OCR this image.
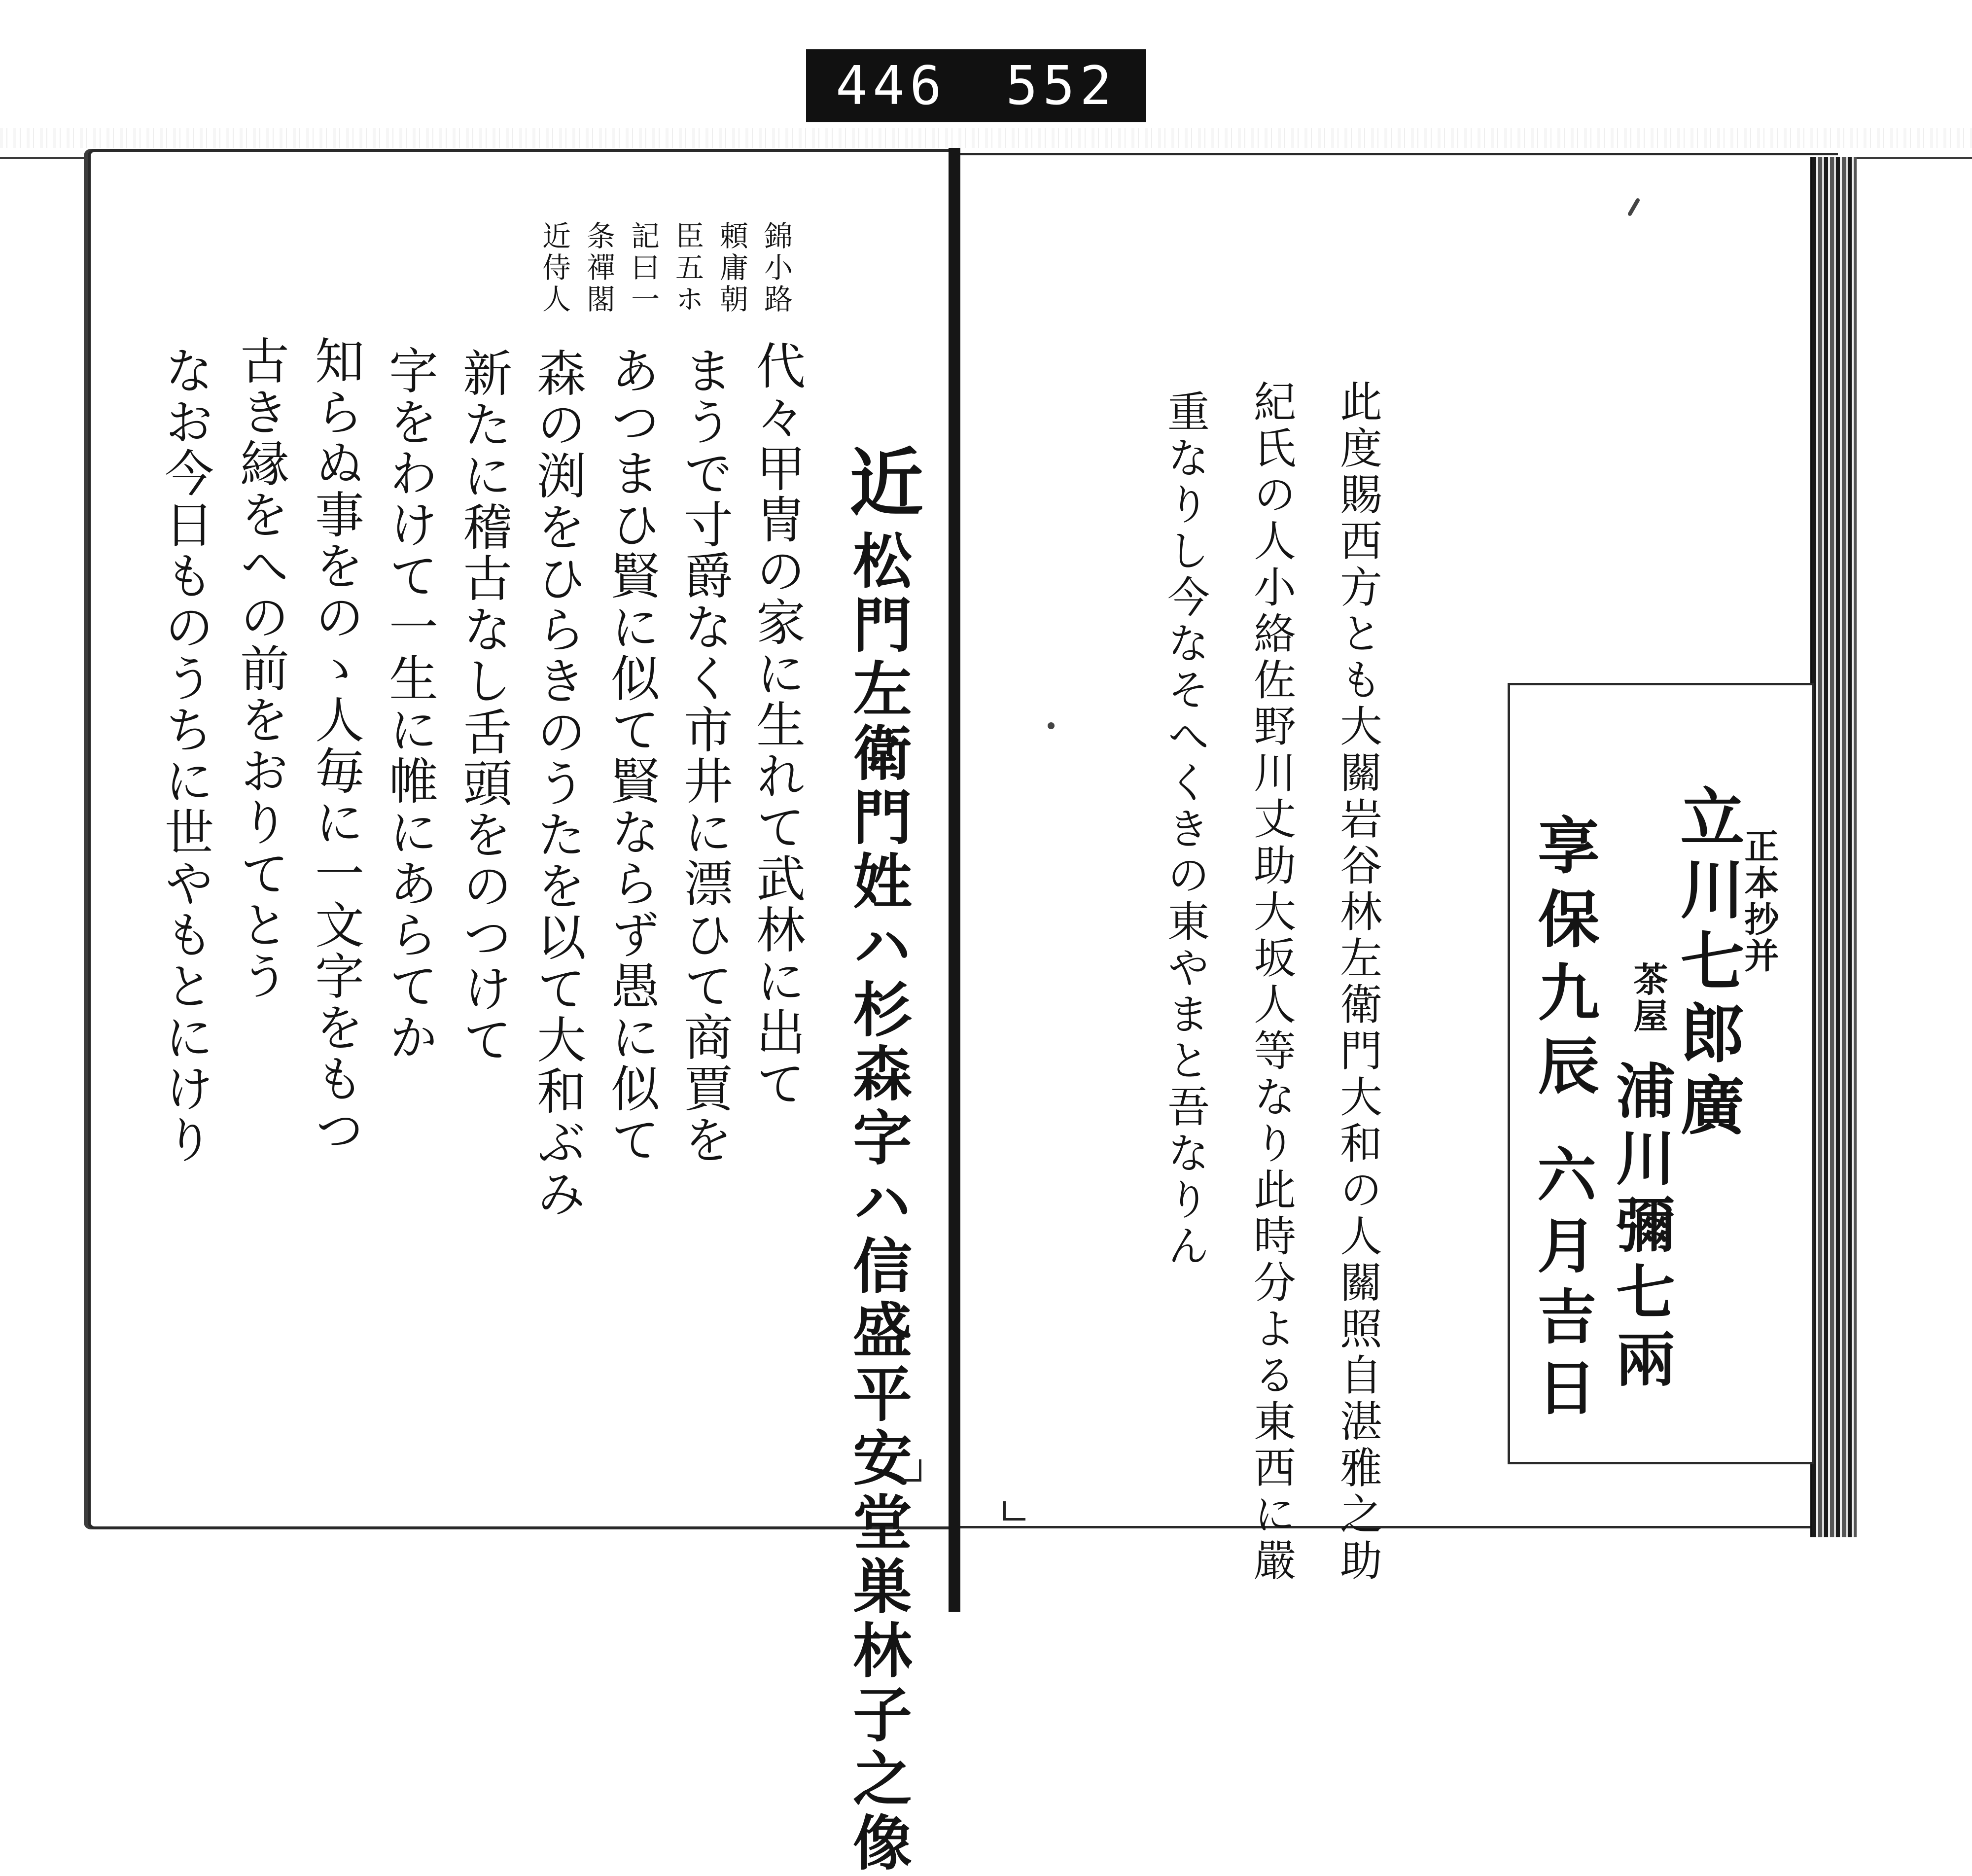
446 552
錦小路
頼庸朝
臣五ホ
記曰一
条禪閣
近侍人
近
松門左衛門姓ハ杉森字ハ信盛平安堂巣林子之像
代々甲冑の家に生れて武林に出て
まうで寸爵なく市井に漂ひて商賈を
あつまひ賢に似て賢ならず愚に似て
森の渕をひらきのうたを以て大和ぶみ
新たに稽古なし舌頭をのつけて
字をわけて一生に帷にあらてか
知らぬ事をのゝ人毎に一文字をもつ
古き縁をへの前をおりてとう
なお今日ものうちに世やもとにけり	此度賜西方とも大關岩谷林左衛門大和の人關照自湛雅之助
紀氏の人小絡佐野川丈助大坂人等なり此時分よる東西に嚴
重なりし今なそへくきの東やまと吾なりん	正本抄并
立川七郎廣
茶屋
浦川彌七兩
享保九辰
六月吉日
